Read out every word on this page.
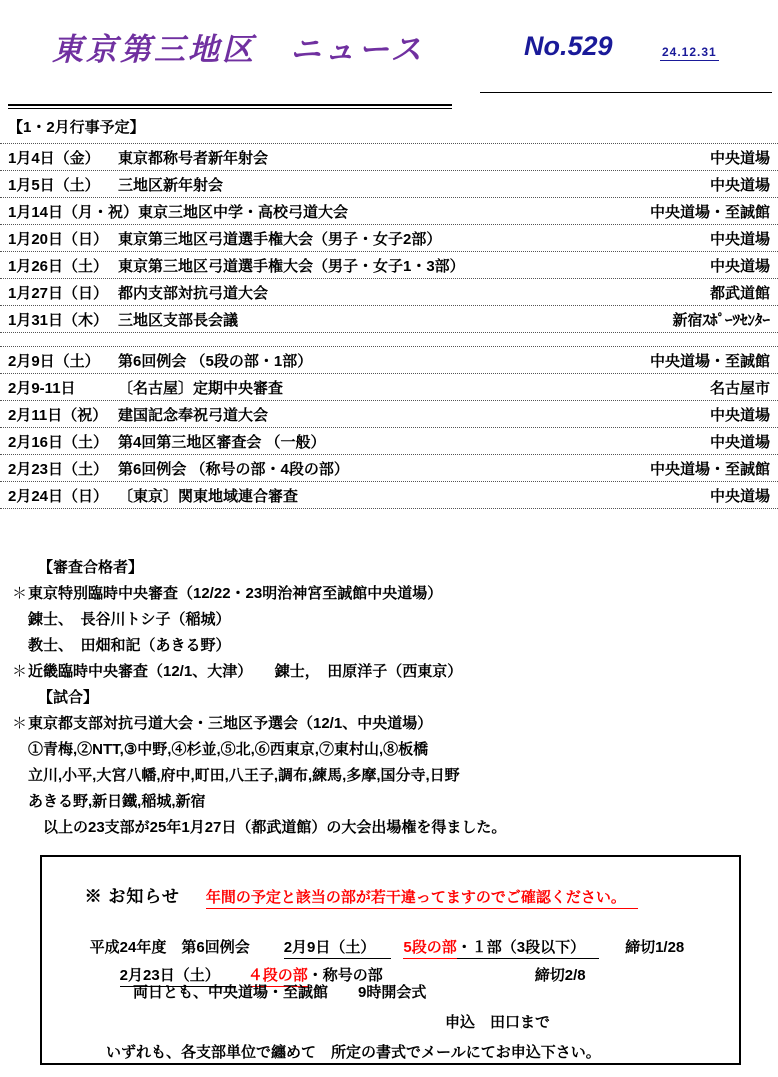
東京第三地区　ニュース	No.529	24.12.31
【1・2月行事予定】
1月4日（金）	東京都称号者新年射会	中央道場
1月5日（土）	三地区新年射会	中央道場
1月14日（月・祝） 東京三地区中学・高校弓道大会	中央道場・至誠館
1月20日（日） 東京第三地区弓道選手権大会（男子・女子2部）	中央道場
1月26日（土） 東京第三地区弓道選手権大会（男子・女子1・3部）	中央道場
1月27日（日） 都内支部対抗弓道大会	都武道館
1月31日（木） 三地区支部長会議	新宿ｽﾎﾟｰﾂｾﾝﾀｰ
2月9日（土）	第6回例会 （5段の部・1部）	中央道場・至誠館
2月9-11日	〔名古屋〕定期中央審査	名古屋市
2月11日（祝） 建国記念奉祝弓道大会	中央道場
2月16日（土） 第4回第三地区審査会 （一般）	中央道場
2月23日（土） 第6回例会 （称号の部・4段の部）	中央道場・至誠館
2月24日（日） 〔東京〕関東地域連合審査	中央道場
【審査合格者】
＊ 東京特別臨時中央審査（12/22・23明治神宮至誠館中央道場）
錬士、　長谷川トシ子（稲城）
教士、　田畑和記（あきる野）
＊ 近畿臨時中央審査（12/1、大津）　　錬士，　田原洋子（西東京）
【試合】
＊ 東京都支部対抗弓道大会・三地区予選会（12/1、中央道場）
①青梅,②NTT,③中野,④杉並,⑤北,⑥西東京,⑦東村山,⑧板橋
立川,小平,大宮八幡,府中,町田,八王子,調布,練馬,多摩,国分寺,日野
あきる野,新日鐵,稲城,新宿
　以上の23支部が25年1月27日（都武道館）の大会出場権を得ました。

※ お知らせ 年間の予定と該当の部が若干違ってますのでご確認ください。

平成24年度　第6回例会 2月9日（土） 5段の部・１部（3段以下）	締切1/28

2月23日（土） ４段の部・称号の部	締切2/8

両日とも、中央道場・至誠館　　9時開会式
申込　田口まで
いずれも、各支部単位で纏めて　所定の書式でメールにてお申込下さい。
